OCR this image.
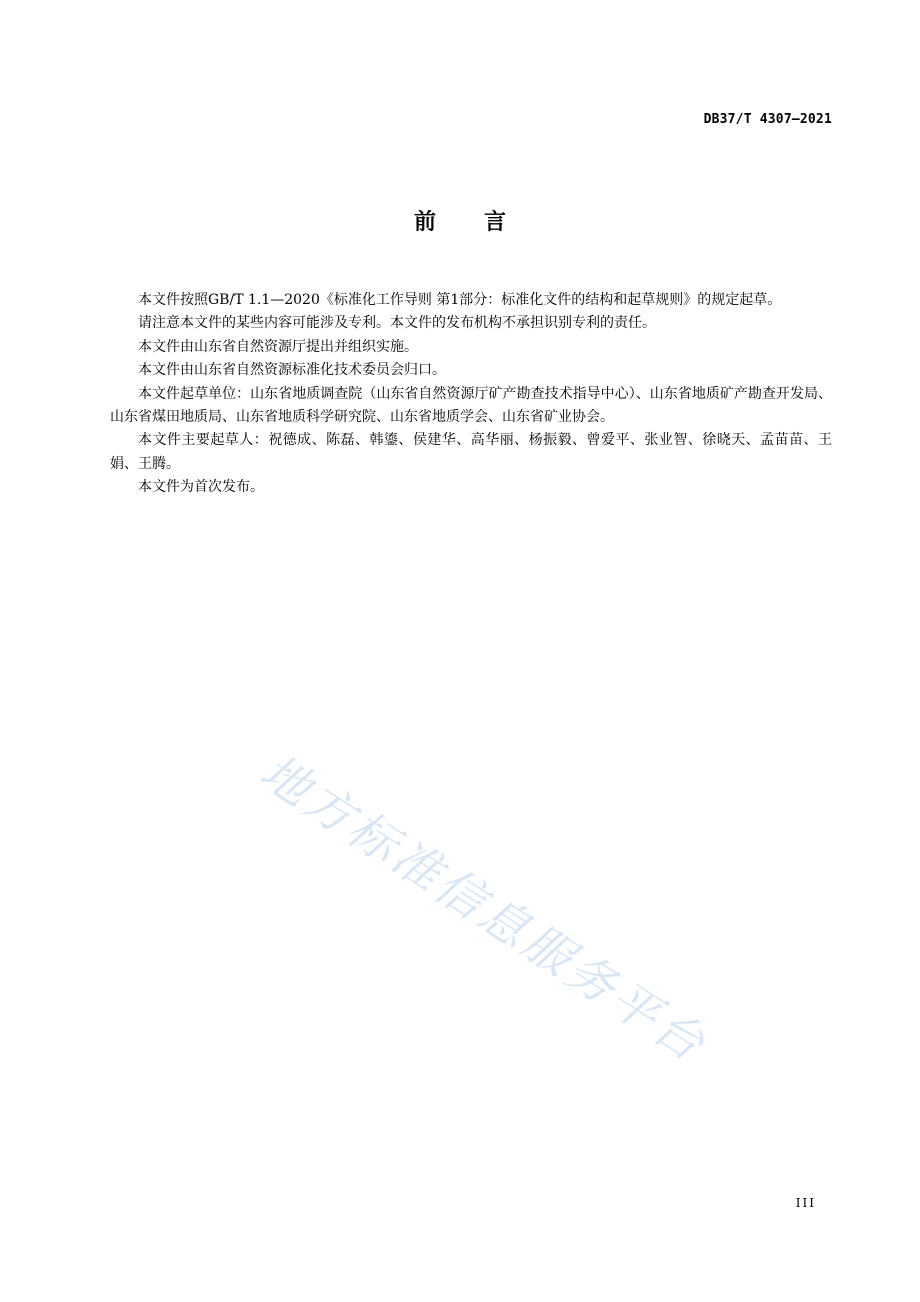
DB37/T 4307—2021
前言

本文件按照GB/T 1.1—2020《标准化工作导则 第1部分：标准化文件的结构和起草规则》的规定起草。

请注意本文件的某些内容可能涉及专利。本文件的发布机构不承担识别专利的责任。

本文件由山东省自然资源厅提出并组织实施。

本文件由山东省自然资源标准化技术委员会归口。

本文件起草单位：山东省地质调查院（山东省自然资源厅矿产勘查技术指导中心）、山东省地质矿产勘查开发局、山东省煤田地质局、山东省地质科学研究院、山东省地质学会、山东省矿业协会。

本文件主要起草人：祝德成、陈磊、韩鎏、侯建华、高华丽、杨振毅、曾爱平、张业智、徐晓天、孟苗苗、王娟、王腾。

本文件为首次发布。

地方标准信息服务平台
III
